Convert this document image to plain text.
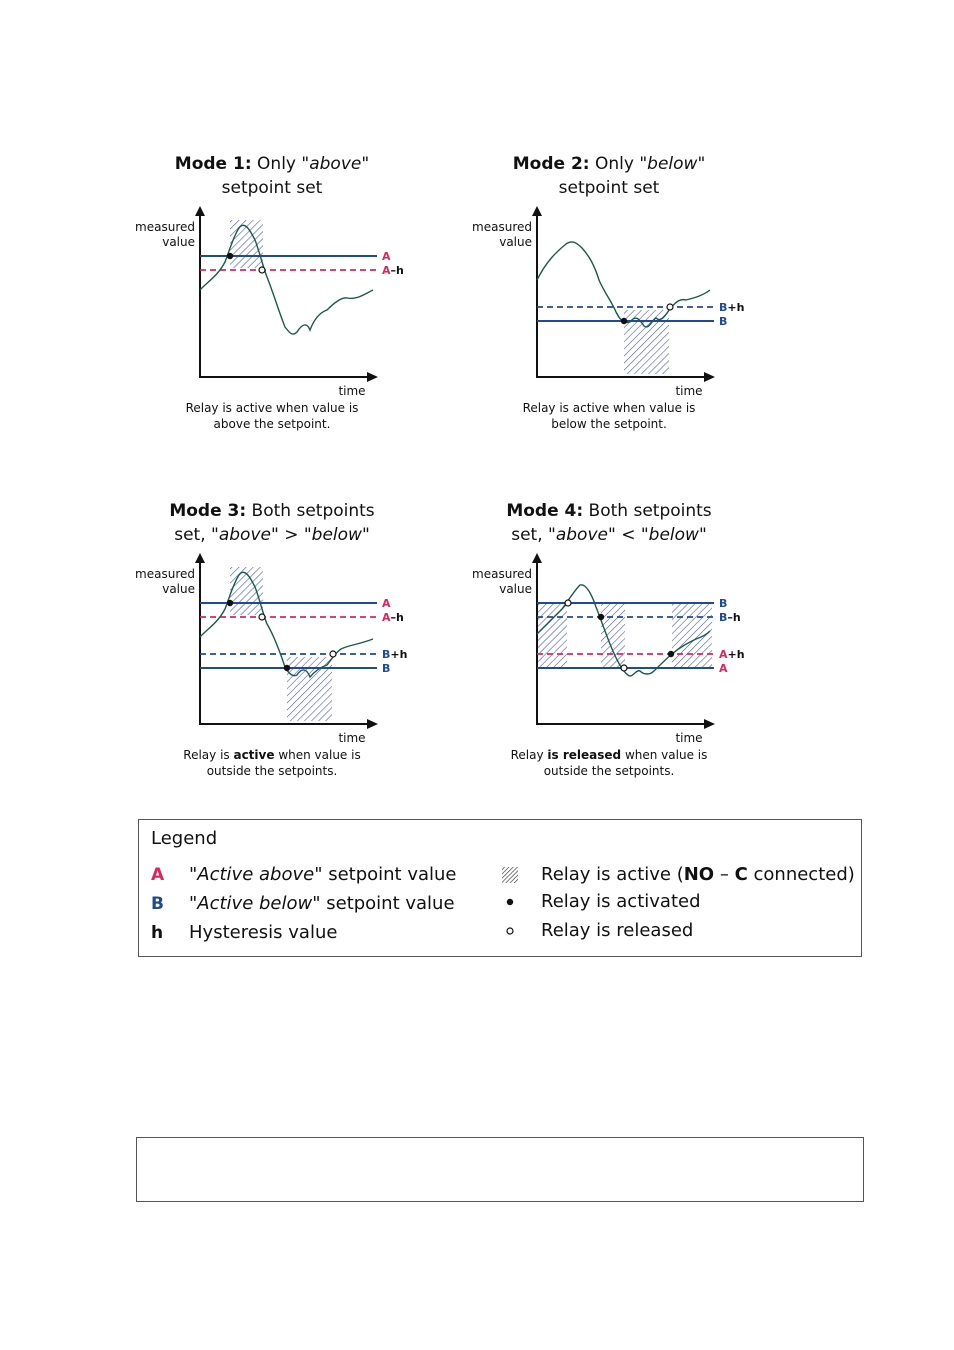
Mode 1: Only "above"
setpoint set
measured
value
time
A
A–h
Relay is active when value is
above the setpoint.
Mode 2: Only "below"
setpoint set
measured
value
time
B+h
B
Relay is active when value is
below the setpoint.
Mode 3: Both setpoints
set, "above" > "below"
measured
value
time
A
A–h
B+h
B
Relay is active when value is
outside the setpoints.
Mode 4: Both setpoints
set, "above" < "below"
measured
value
time
B
B–h
A+h
A
Relay is released when value is
outside the setpoints.
Legend
A "Active above" setpoint value
B "Active below" setpoint value
h Hysteresis value
Relay is active (NO – C connected)
Relay is activated
Relay is released
